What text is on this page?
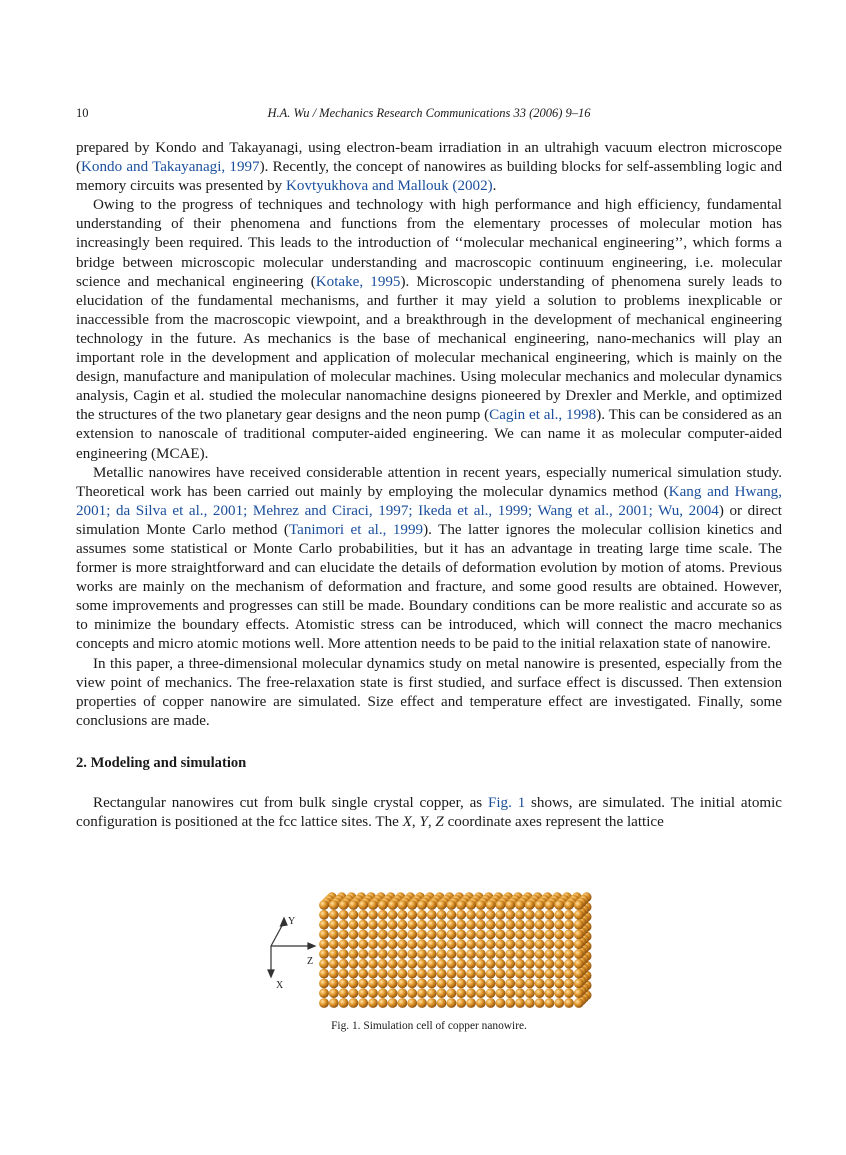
10	H.A. Wu / Mechanics Research Communications 33 (2006) 9–16

prepared by Kondo and Takayanagi, using electron-beam irradiation in an ultrahigh vacuum electron microscope (Kondo and Takayanagi, 1997). Recently, the concept of nanowires as building blocks for self-assembling logic and memory circuits was presented by Kovtyukhova and Mallouk (2002).

Owing to the progress of techniques and technology with high performance and high efficiency, fundamental understanding of their phenomena and functions from the elementary processes of molecular motion has increasingly been required. This leads to the introduction of ‘‘molecular mechanical engineering’’, which forms a bridge between microscopic molecular understanding and macroscopic continuum engineering, i.e. molecular science and mechanical engineering (Kotake, 1995). Microscopic understanding of phenomena surely leads to elucidation of the fundamental mechanisms, and further it may yield a solution to problems inexplicable or inaccessible from the macroscopic viewpoint, and a breakthrough in the development of mechanical engineering technology in the future. As mechanics is the base of mechanical engineering, nano-mechanics will play an important role in the development and application of molecular mechanical engineering, which is mainly on the design, manufacture and manipulation of molecular machines. Using molecular mechanics and molecular dynamics analysis, Cagin et al. studied the molecular nanomachine designs pioneered by Drexler and Merkle, and optimized the structures of the two planetary gear designs and the neon pump (Cagin et al., 1998). This can be considered as an extension to nanoscale of traditional computer-aided engineering. We can name it as molecular computer-aided engineering (MCAE).

Metallic nanowires have received considerable attention in recent years, especially numerical simulation study. Theoretical work has been carried out mainly by employing the molecular dynamics method (Kang and Hwang, 2001; da Silva et al., 2001; Mehrez and Ciraci, 1997; Ikeda et al., 1999; Wang et al., 2001; Wu, 2004) or direct simulation Monte Carlo method (Tanimori et al., 1999). The latter ignores the molecular collision kinetics and assumes some statistical or Monte Carlo probabilities, but it has an advantage in treating large time scale. The former is more straightforward and can elucidate the details of deformation evolution by motion of atoms. Previous works are mainly on the mechanism of deformation and fracture, and some good results are obtained. However, some improvements and progresses can still be made. Boundary conditions can be more realistic and accurate so as to minimize the boundary effects. Atomistic stress can be introduced, which will connect the macro mechanics concepts and micro atomic motions well. More attention needs to be paid to the initial relaxation state of nanowire.

In this paper, a three-dimensional molecular dynamics study on metal nanowire is presented, especially from the view point of mechanics. The free-relaxation state is first studied, and surface effect is discussed. Then extension properties of copper nanowire are simulated. Size effect and temperature effect are investigated. Finally, some conclusions are made.

2. Modeling and simulation

Rectangular nanowires cut from bulk single crystal copper, as Fig. 1 shows, are simulated. The initial atomic configuration is positioned at the fcc lattice sites. The X, Y, Z coordinate axes represent the lattice

Y
Z
X
Fig. 1. Simulation cell of copper nanowire.
